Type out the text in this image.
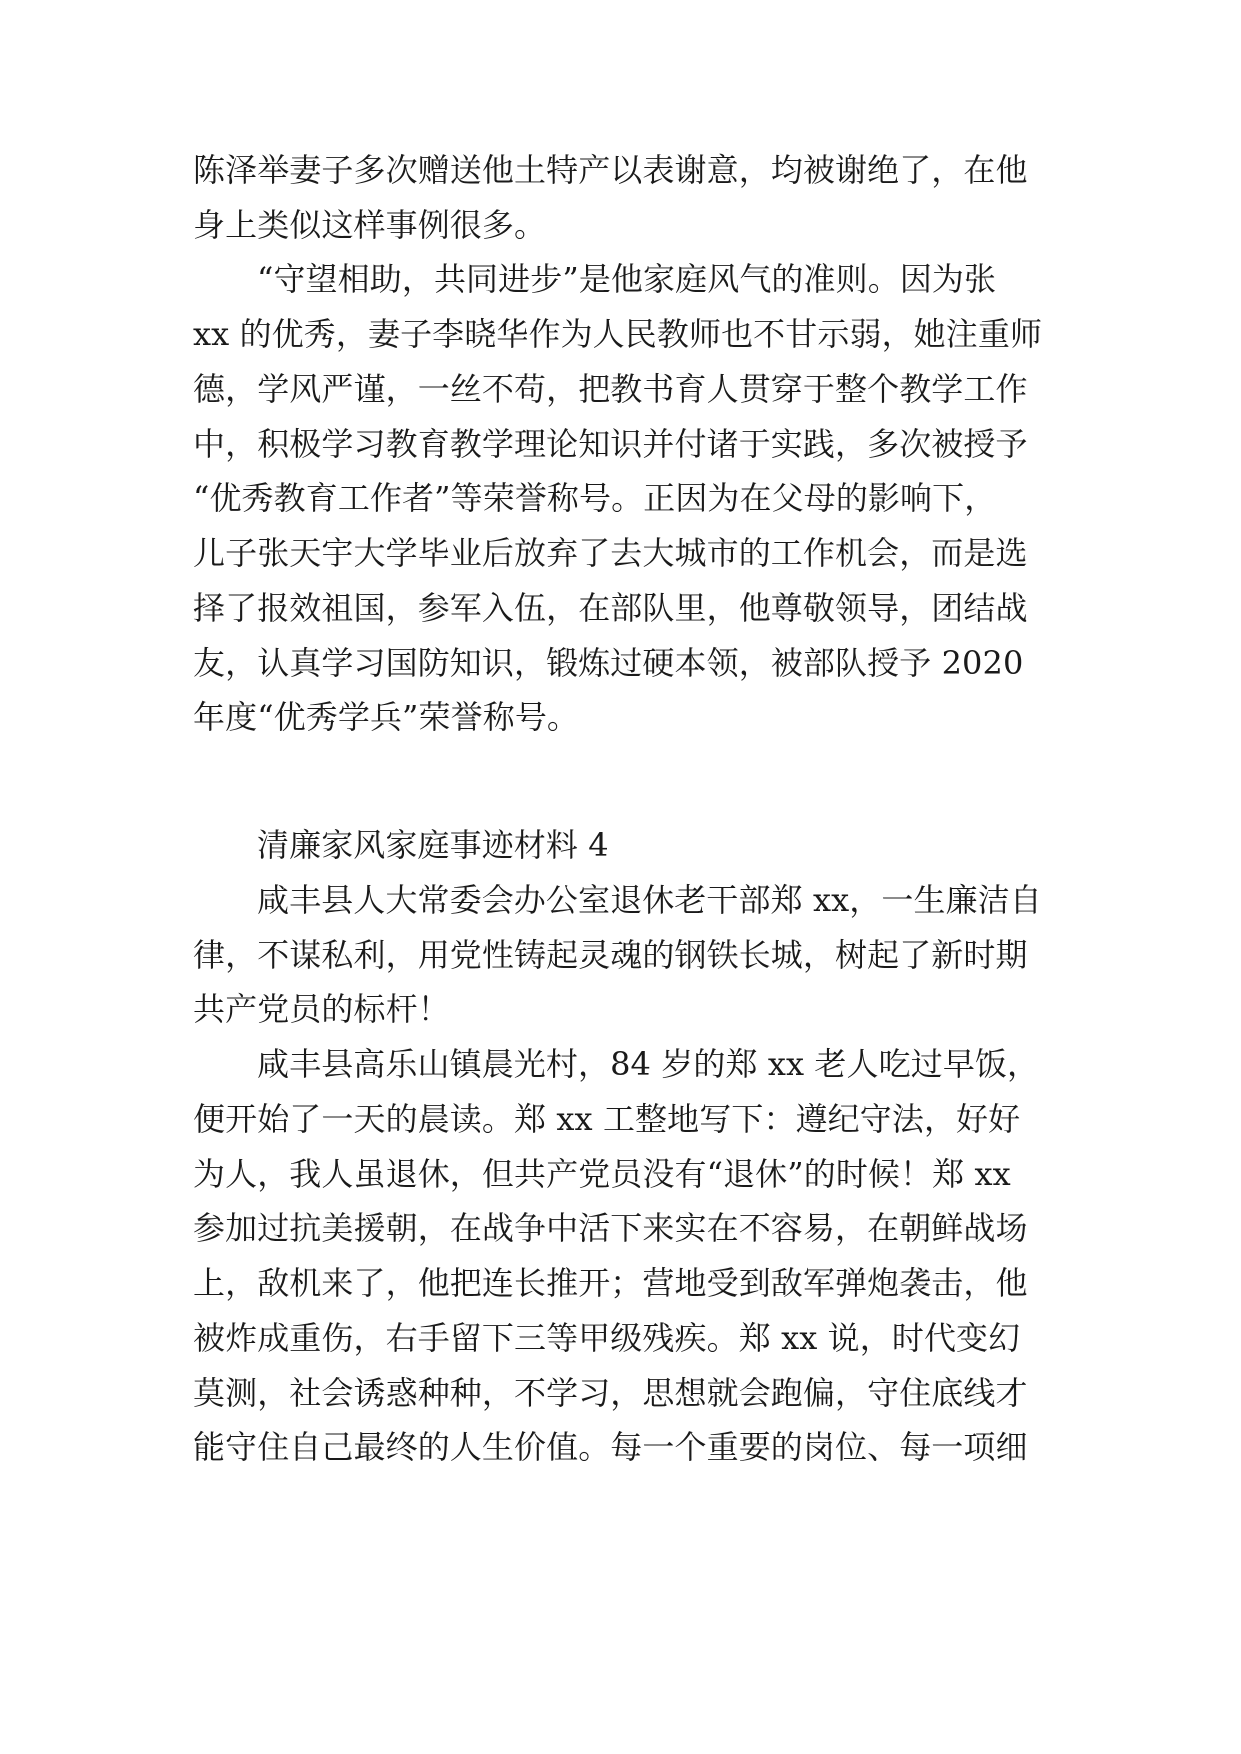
陈泽举妻子多次赠送他土特产以表谢意，均被谢绝了，在他
身上类似这样事例很多。
“守望相助，共同进步”是他家庭风气的准则。因为张
xx 的优秀，妻子李晓华作为人民教师也不甘示弱，她注重师
德，学风严谨，一丝不苟，把教书育人贯穿于整个教学工作
中，积极学习教育教学理论知识并付诸于实践，多次被授予
“优秀教育工作者”等荣誉称号。正因为在父母的影响下，
儿子张天宇大学毕业后放弃了去大城市的工作机会，而是选
择了报效祖国，参军入伍，在部队里，他尊敬领导，团结战
友，认真学习国防知识，锻炼过硬本领，被部队授予 2020
年度“优秀学兵”荣誉称号。
清廉家风家庭事迹材料 4
咸丰县人大常委会办公室退休老干部郑 xx，一生廉洁自
律，不谋私利，用党性铸起灵魂的钢铁长城，树起了新时期
共产党员的标杆！
咸丰县高乐山镇晨光村，84 岁的郑 xx 老人吃过早饭，
便开始了一天的晨读。郑 xx 工整地写下：遵纪守法，好好
为人，我人虽退休，但共产党员没有“退休”的时候！郑 xx
参加过抗美援朝，在战争中活下来实在不容易，在朝鲜战场
上，敌机来了，他把连长推开；营地受到敌军弹炮袭击，他
被炸成重伤，右手留下三等甲级残疾。郑 xx 说，时代变幻
莫测，社会诱惑种种，不学习，思想就会跑偏，守住底线才
能守住自己最终的人生价值。每一个重要的岗位、每一项细
